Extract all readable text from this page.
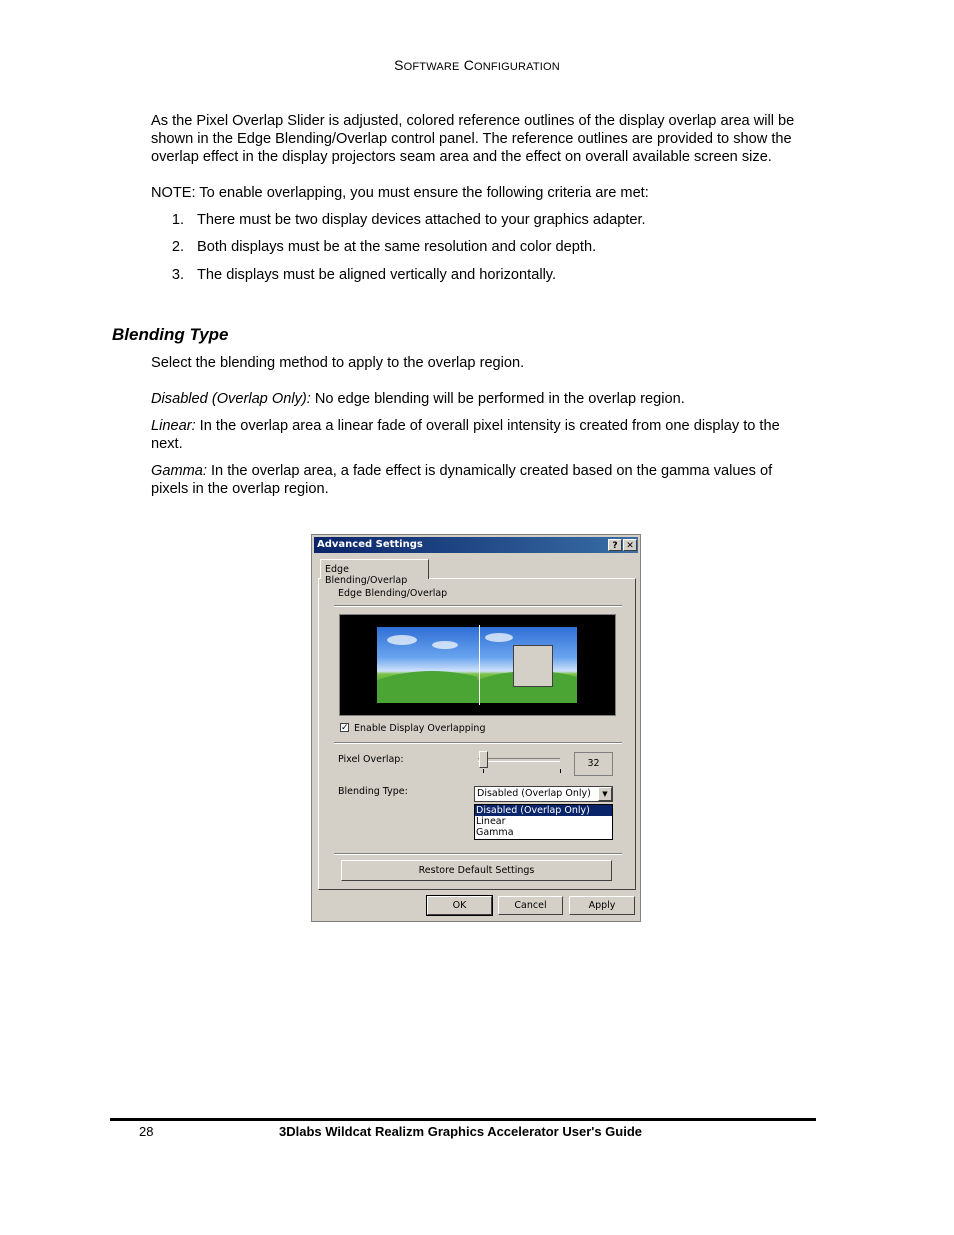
SOFTWARE CONFIGURATION
As the Pixel Overlap Slider is adjusted, colored reference outlines of the display overlap area will be
shown in the Edge Blending/Overlap control panel. The reference outlines are provided to show the
overlap effect in the display projectors seam area and the effect on overall available screen size.
NOTE: To enable overlapping, you must ensure the following criteria are met:
1. There must be two display devices attached to your graphics adapter.
2. Both displays must be at the same resolution and color depth.
3. The displays must be aligned vertically and horizontally.
Blending Type
Select the blending method to apply to the overlap region.
Disabled (Overlap Only): No edge blending will be performed in the overlap region.
Linear: In the overlap area a linear fade of overall pixel intensity is created from one display to the
next.
Gamma: In the overlap area, a fade effect is dynamically created based on the gamma values of
pixels in the overlap region.
Advanced Settings	? ✕
Edge Blending/Overlap
Edge Blending/Overlap
✓ Enable Display Overlapping
Pixel Overlap:	32
Blending Type:	Disabled (Overlap Only)	▼
Disabled (Overlap Only)
Linear
Gamma
Restore Default Settings
OK	Cancel	Apply
28	3Dlabs Wildcat Realizm Graphics Accelerator User's Guide
